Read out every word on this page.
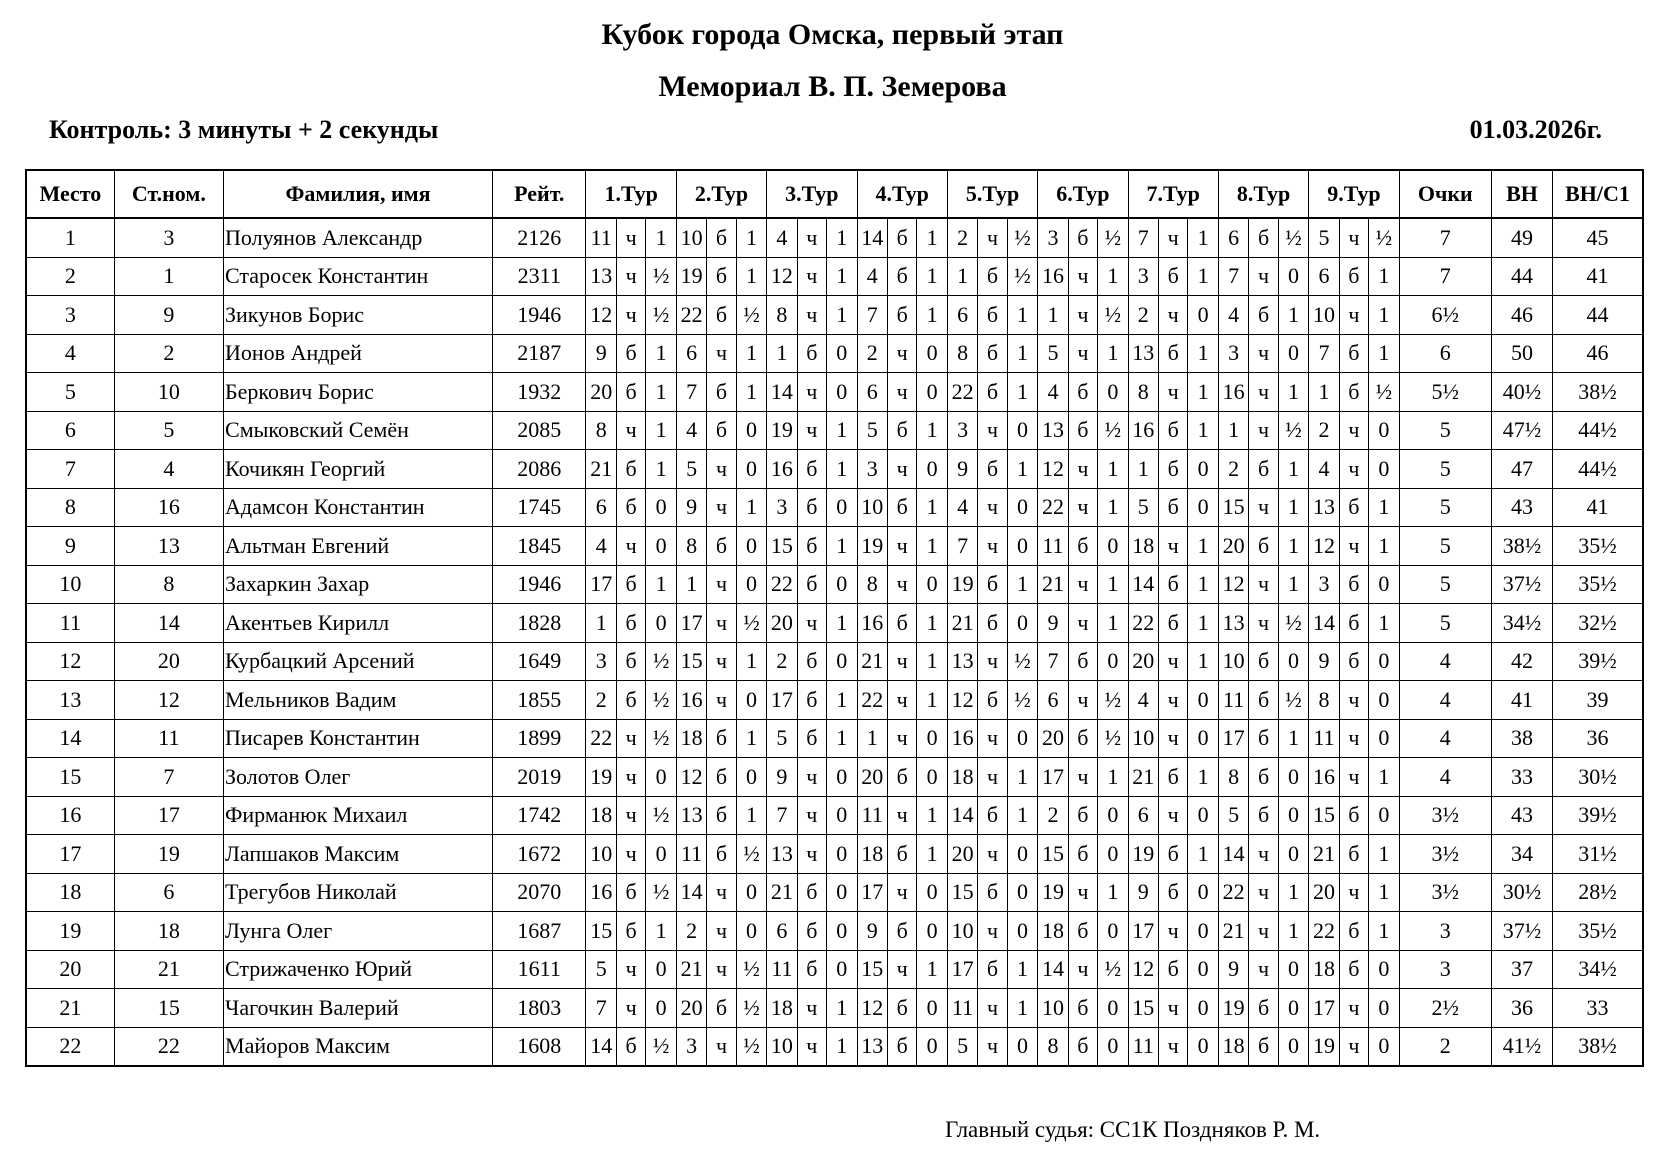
Кубок города Омска, первый этап
Мемориал В. П. Земерова
Контроль: 3 минуты + 2 секунды	01.03.2026г.
Место	Ст.ном.	Фамилия, имя	Рейт.	1.Тур			2.Тур			3.Тур			4.Тур			5.Тур			6.Тур			7.Тур			8.Тур			9.Тур			Очки	ВН	ВН/С1
1	3	Полуянов Александр	2126	11	ч	1	10	б	1	4	ч	1	14	б	1	2	ч	½	3	б	½	7	ч	1	6	б	½	5	ч	½	7	49	45
2	1	Старосек Константин	2311	13	ч	½	19	б	1	12	ч	1	4	б	1	1	б	½	16	ч	1	3	б	1	7	ч	0	6	б	1	7	44	41
3	9	Зикунов Борис	1946	12	ч	½	22	б	½	8	ч	1	7	б	1	6	б	1	1	ч	½	2	ч	0	4	б	1	10	ч	1	6½	46	44
4	2	Ионов Андрей	2187	9	б	1	6	ч	1	1	б	0	2	ч	0	8	б	1	5	ч	1	13	б	1	3	ч	0	7	б	1	6	50	46
5	10	Беркович Борис	1932	20	б	1	7	б	1	14	ч	0	6	ч	0	22	б	1	4	б	0	8	ч	1	16	ч	1	1	б	½	5½	40½	38½
6	5	Смыковский Семён	2085	8	ч	1	4	б	0	19	ч	1	5	б	1	3	ч	0	13	б	½	16	б	1	1	ч	½	2	ч	0	5	47½	44½
7	4	Кочикян Георгий	2086	21	б	1	5	ч	0	16	б	1	3	ч	0	9	б	1	12	ч	1	1	б	0	2	б	1	4	ч	0	5	47	44½
8	16	Адамсон Константин	1745	6	б	0	9	ч	1	3	б	0	10	б	1	4	ч	0	22	ч	1	5	б	0	15	ч	1	13	б	1	5	43	41
9	13	Альтман Евгений	1845	4	ч	0	8	б	0	15	б	1	19	ч	1	7	ч	0	11	б	0	18	ч	1	20	б	1	12	ч	1	5	38½	35½
10	8	Захаркин Захар	1946	17	б	1	1	ч	0	22	б	0	8	ч	0	19	б	1	21	ч	1	14	б	1	12	ч	1	3	б	0	5	37½	35½
11	14	Акентьев Кирилл	1828	1	б	0	17	ч	½	20	ч	1	16	б	1	21	б	0	9	ч	1	22	б	1	13	ч	½	14	б	1	5	34½	32½
12	20	Курбацкий Арсений	1649	3	б	½	15	ч	1	2	б	0	21	ч	1	13	ч	½	7	б	0	20	ч	1	10	б	0	9	б	0	4	42	39½
13	12	Мельников Вадим	1855	2	б	½	16	ч	0	17	б	1	22	ч	1	12	б	½	6	ч	½	4	ч	0	11	б	½	8	ч	0	4	41	39
14	11	Писарев Константин	1899	22	ч	½	18	б	1	5	б	1	1	ч	0	16	ч	0	20	б	½	10	ч	0	17	б	1	11	ч	0	4	38	36
15	7	Золотов Олег	2019	19	ч	0	12	б	0	9	ч	0	20	б	0	18	ч	1	17	ч	1	21	б	1	8	б	0	16	ч	1	4	33	30½
16	17	Фирманюк Михаил	1742	18	ч	½	13	б	1	7	ч	0	11	ч	1	14	б	1	2	б	0	6	ч	0	5	б	0	15	б	0	3½	43	39½
17	19	Лапшаков Максим	1672	10	ч	0	11	б	½	13	ч	0	18	б	1	20	ч	0	15	б	0	19	б	1	14	ч	0	21	б	1	3½	34	31½
18	6	Трегубов Николай	2070	16	б	½	14	ч	0	21	б	0	17	ч	0	15	б	0	19	ч	1	9	б	0	22	ч	1	20	ч	1	3½	30½	28½
19	18	Лунга Олег	1687	15	б	1	2	ч	0	6	б	0	9	б	0	10	ч	0	18	б	0	17	ч	0	21	ч	1	22	б	1	3	37½	35½
20	21	Стрижаченко Юрий	1611	5	ч	0	21	ч	½	11	б	0	15	ч	1	17	б	1	14	ч	½	12	б	0	9	ч	0	18	б	0	3	37	34½
21	15	Чагочкин Валерий	1803	7	ч	0	20	б	½	18	ч	1	12	б	0	11	ч	1	10	б	0	15	ч	0	19	б	0	17	ч	0	2½	36	33
22	22	Майоров Максим	1608	14	б	½	3	ч	½	10	ч	1	13	б	0	5	ч	0	8	б	0	11	ч	0	18	б	0	19	ч	0	2	41½	38½
Главный судья: СС1К Поздняков Р. М.
